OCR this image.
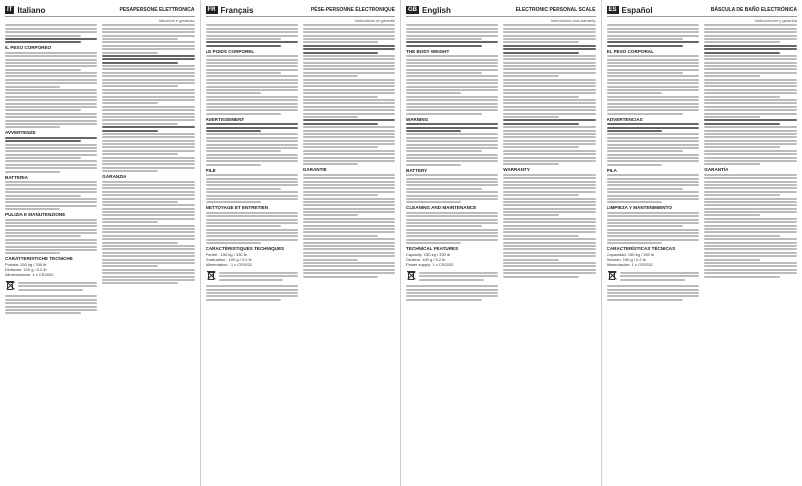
IT Italiano	PESAPERSONE ELETTRONICA
Istruzioni e garanzia
IL PESO CORPOREO
AVVERTENZE
BATTERIA
PULIZIA E MANUTENZIONE
CARATTERISTICHE TECNICHE
Portata: 150 kg / 330 lb
Divisione: 100 g / 0.2 lb
Alimentazione: 1 x CR2032
GARANZIA
FR Français	PÈSE-PERSONNE ÉLECTRONIQUE
Instructions et garantie
LE POIDS CORPOREL
AVERTISSEMENT
PILE
NETTOYAGE ET ENTRETIEN
CARACTÉRISTIQUES TECHNIQUES
Portée : 150 kg / 330 lb
Graduation : 100 g / 0.2 lb
Alimentation : 1 x CR2032
GARANTIE
GB English	ELECTRONIC PERSONAL SCALE
Instructions and warranty
THE BODY WEIGHT
WARNING
BATTERY
CLEANING AND MAINTENANCE
TECHNICAL FEATURES
Capacity: 150 kg / 330 lb
Division: 100 g / 0.2 lb
Power supply: 1 x CR2032
WARRANTY
ES Español	BÁSCULA DE BAÑO ELECTRÓNICA
Instrucciones y garantía
EL PESO CORPORAL
ADVERTENCIAS
PILA
LIMPIEZA Y MANTENIMIENTO
CARACTERÍSTICAS TÉCNICAS
Capacidad: 150 kg / 330 lb
División: 100 g / 0.2 lb
Alimentación: 1 x CR2032
GARANTÍA
